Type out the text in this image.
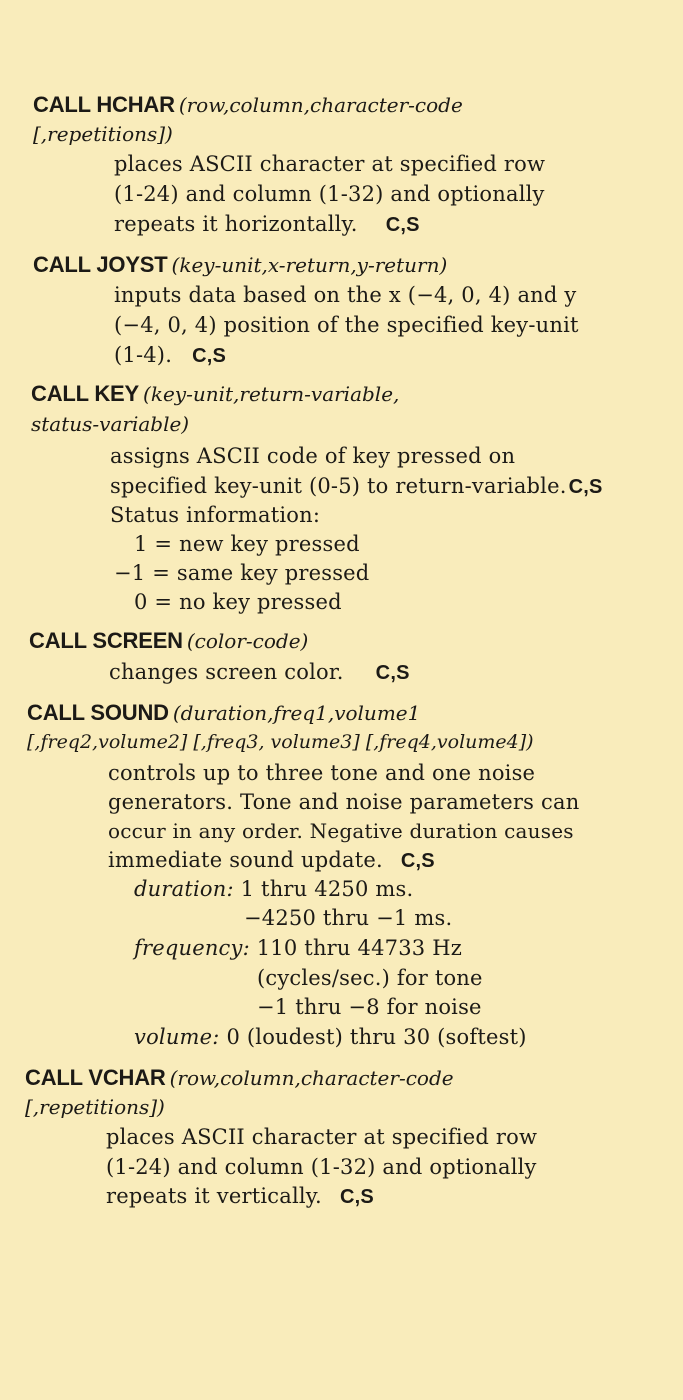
CALL HCHAR (row,column,character-code
[,repetitions])
places ASCII character at specified row
(1-24) and column (1-32) and optionally
repeats it horizontally. C,S
CALL JOYST (key-unit,x-return,y-return)
inputs data based on the x (−4, 0, 4) and y
(−4, 0, 4) position of the specified key-unit
(1-4). C,S
CALL KEY (key-unit,return-variable,
status-variable)
assigns ASCII code of key pressed on
specified key-unit (0-5) to return-variable. C,S
Status information:
1 = new key pressed
−1 = same key pressed
0 = no key pressed
CALL SCREEN (color-code)
changes screen color. C,S
CALL SOUND (duration,freq1,volume1
[,freq2,volume2] [,freq3, volume3] [,freq4,volume4])
controls up to three tone and one noise
generators. Tone and noise parameters can
occur in any order. Negative duration causes
immediate sound update. C,S
duration: 1 thru 4250 ms.
−4250 thru −1 ms.
frequency: 110 thru 44733 Hz
(cycles/sec.) for tone
−1 thru −8 for noise
volume: 0 (loudest) thru 30 (softest)
CALL VCHAR (row,column,character-code
[,repetitions])
places ASCII character at specified row
(1-24) and column (1-32) and optionally
repeats it vertically. C,S
